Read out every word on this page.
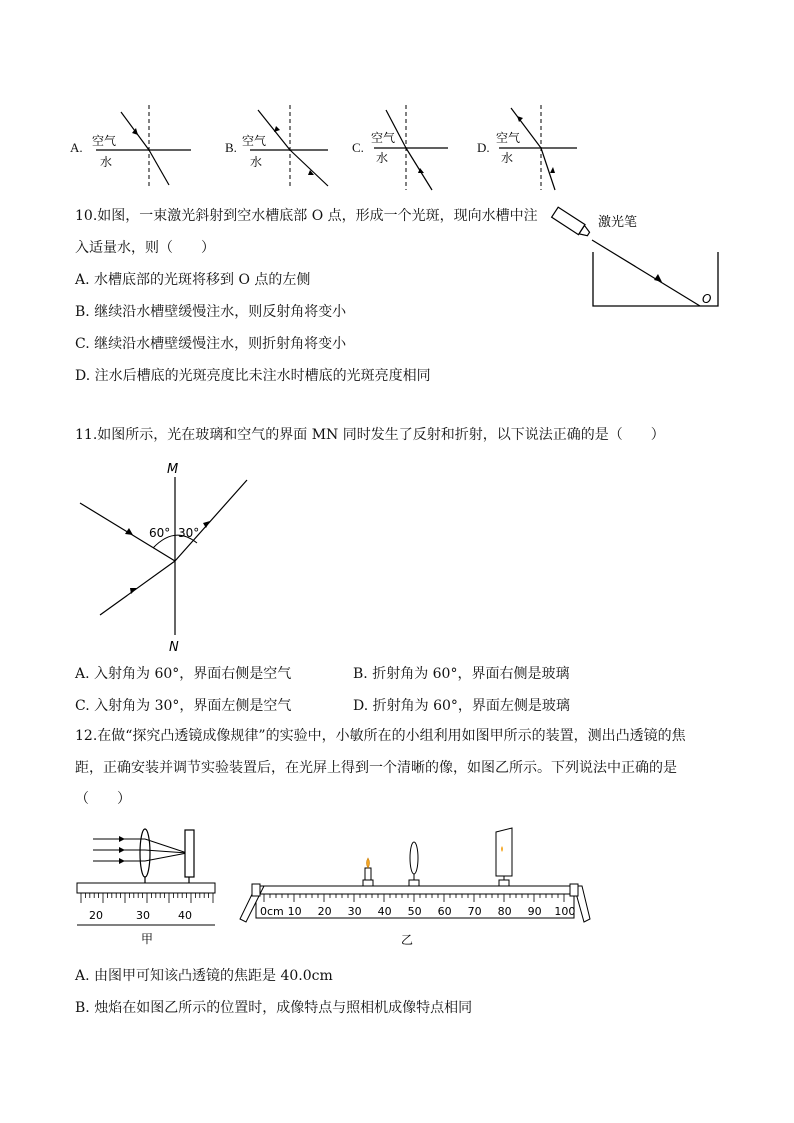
A. 空气
水
B. 空气
水
C.
空气
水
D.
空气
水
10.如图，一束激光斜射到空水槽底部 O 点，形成一个光斑，现向水槽中注
入适量水，则（　　）
A. 水槽底部的光斑将移到 O 点的左侧
B. 继续沿水槽壁缓慢注水，则反射角将变小
C. 继续沿水槽壁缓慢注水，则折射角将变小
D. 注水后槽底的光斑亮度比未注水时槽底的光斑亮度相同
激光笔
O
11.如图所示，光在玻璃和空气的界面 MN 同时发生了反射和折射，以下说法正确的是（　　）
60° 30°
M
N
A. 入射角为 60°，界面右侧是空气	B. 折射角为 60°，界面右侧是玻璃
C. 入射角为 30°，界面左侧是空气	D. 折射角为 60°，界面左侧是玻璃
12.在做“探究凸透镜成像规律”的实验中，小敏所在的小组利用如图甲所示的装置，测出凸透镜的焦
距，正确安装并调节实验装置后，在光屏上得到一个清晰的像，如图乙所示。下列说法中正确的是
（　　）
20	30	40
甲
0cm 10 20 30 40 50 60 70 80 90 100
乙
A. 由图甲可知该凸透镜的焦距是 40.0cm
B. 烛焰在如图乙所示的位置时，成像特点与照相机成像特点相同
